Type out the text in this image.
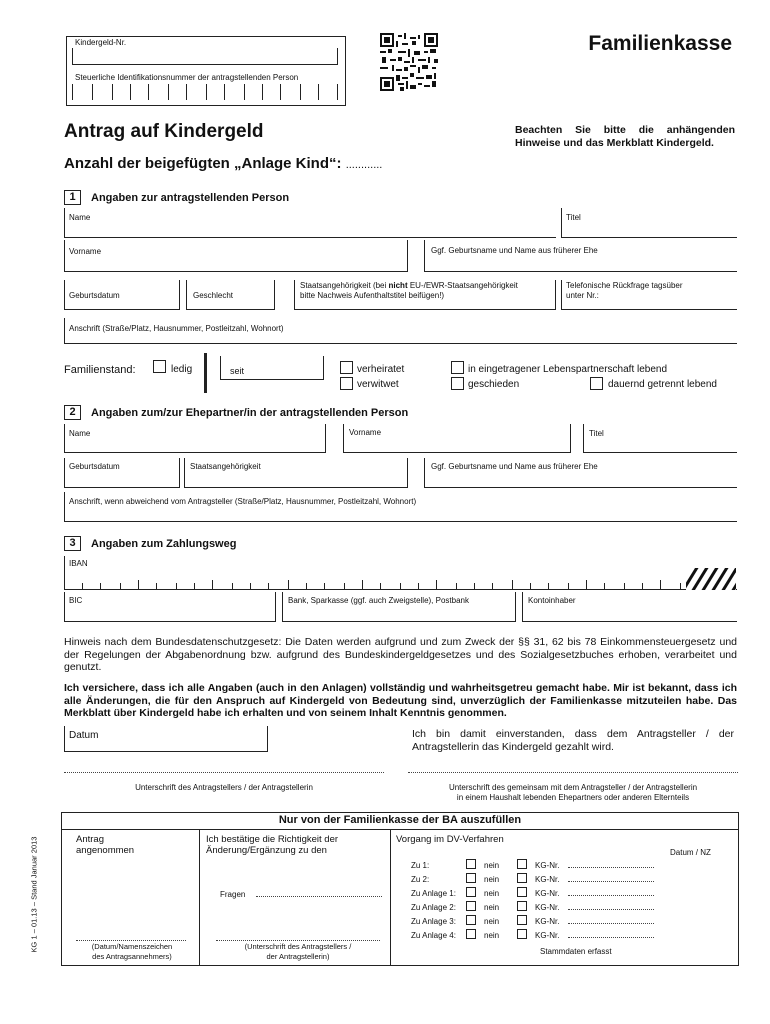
Kindergeld-Nr.
Steuerliche Identifikationsnummer der antragstellenden Person
Familienkasse
Antrag auf Kindergeld	Beachten Sie bitte die anhängenden Hinweise und das Merkblatt Kindergeld.
Anzahl der beigefügten „Anlage Kind“: ............
1	Angaben zur antragstellenden Person
Name	Titel
Vorname	Ggf. Geburtsname und Name aus früherer Ehe
Geburtsdatum	Geschlecht
Staatsangehörigkeit (bei nicht EU-/EWR-Staatsangehörigkeit
bitte Nachweis Aufenthaltstitel beifügen!)
Telefonische Rückfrage tagsüber
unter Nr.:
Anschrift (Straße/Platz, Hausnummer, Postleitzahl, Wohnort)
Familienstand:	ledig	seit	verheiratet
verwitwet
in eingetragener Lebenspartnerschaft lebend
geschieden	dauernd getrennt lebend
2	Angaben zum/zur Ehepartner/in der antragstellenden Person
Name	Vorname	Titel
Geburtsdatum	Staatsangehörigkeit	Ggf. Geburtsname und Name aus früherer Ehe
Anschrift, wenn abweichend vom Antragsteller (Straße/Platz, Hausnummer, Postleitzahl, Wohnort)
3	Angaben zum Zahlungsweg
IBAN
BIC	Bank, Sparkasse (ggf. auch Zweigstelle), Postbank	Kontoinhaber
Hinweis nach dem Bundesdatenschutzgesetz: Die Daten werden aufgrund und zum Zweck der §§ 31, 62 bis 78 Einkommensteuergesetz und der Regelungen der Abgabenordnung bzw. aufgrund des Bundeskindergeldgesetzes und des Sozialgesetzbuches erhoben, verarbeitet und genutzt.
Ich versichere, dass ich alle Angaben (auch in den Anlagen) vollständig und wahrheitsgetreu gemacht habe. Mir ist bekannt, dass ich alle Änderungen, die für den Anspruch auf Kindergeld von Bedeutung sind, unverzüglich der Familienkasse mitzuteilen habe. Das Merkblatt über Kindergeld habe ich erhalten und von seinem Inhalt Kenntnis genommen.
Datum	Ich bin damit einverstanden, dass dem Antragsteller / der Antragstellerin das Kindergeld gezahlt wird.
Unterschrift des Antragstellers / der Antragstellerin	Unterschrift des gemeinsam mit dem Antragsteller / der Antragstellerin
in einem Haushalt lebenden Ehepartners oder anderen Elternteils
Nur von der Familienkasse der BA auszufüllen
Antrag
angenommen
(Datum/Namenszeichen
des Antragsannehmers)
Ich bestätige die Richtigkeit der
Änderung/Ergänzung zu den
Fragen
(Unterschrift des Antragstellers /
der Antragstellerin)
Vorgang im DV-Verfahren
Datum / NZ
Zu 1:	nein	KG-Nr.
Zu 2:	nein	KG-Nr.
Zu Anlage 1:	nein	KG-Nr.
Zu Anlage 2:	nein	KG-Nr.
Zu Anlage 3:	nein	KG-Nr.
Zu Anlage 4:	nein	KG-Nr.
Stammdaten erfasst
KG 1 – 01.13 – Stand Januar 2013
